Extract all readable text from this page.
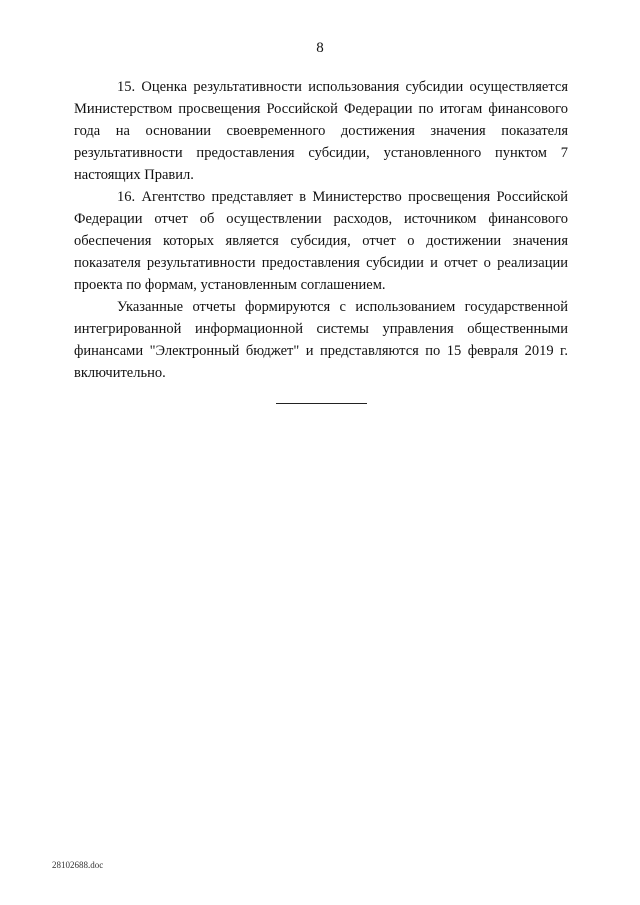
8

15. Оценка результативности использования субсидии осуществляется Министерством просвещения Российской Федерации по итогам финансового года на основании своевременного достижения значения показателя результативности предоставления субсидии, установленного пунктом 7 настоящих Правил.

16. Агентство представляет в Министерство просвещения Российской Федерации отчет об осуществлении расходов, источником финансового обеспечения которых является субсидия, отчет о достижении значения показателя результативности предоставления субсидии и отчет о реализации проекта по формам, установленным соглашением.

Указанные отчеты формируются с использованием государственной интегрированной информационной системы управления общественными финансами "Электронный бюджет" и представляются по 15 февраля 2019 г. включительно.

28102688.doc
